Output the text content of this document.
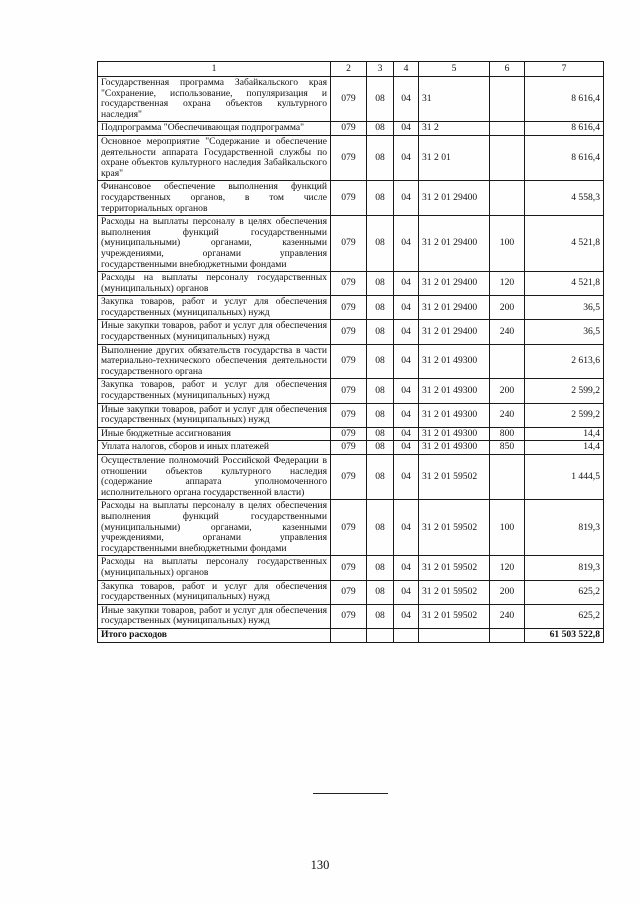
1	2	3	4	5	6	7
Государственная программа Забайкальского края "Сохранение, использование, популяризация и государственная охрана объектов культурного наследия"	079	08	04	31		8 616,4
Подпрограмма "Обеспечивающая подпрограмма"	079	08	04	31 2		8 616,4
Основное мероприятие "Содержание и обеспечение деятельности аппарата Государственной службы по охране объектов культурного наследия Забайкальского края"	079	08	04	31 2 01		8 616,4
Финансовое обеспечение выполнения функций государственных органов, в том числе территориальных органов	079	08	04	31 2 01 29400		4 558,3
Расходы на выплаты персоналу в целях обеспечения выполнения функций государственными (муниципальными) органами, казенными учреждениями, органами управления государственными внебюджетными фондами	079	08	04	31 2 01 29400	100	4 521,8
Расходы на выплаты персоналу государственных (муниципальных) органов	079	08	04	31 2 01 29400	120	4 521,8
Закупка товаров, работ и услуг для обеспечения государственных (муниципальных) нужд	079	08	04	31 2 01 29400	200	36,5
Иные закупки товаров, работ и услуг для обеспечения государственных (муниципальных) нужд	079	08	04	31 2 01 29400	240	36,5
Выполнение других обязательств государства в части материально-технического обеспечения деятельности государственного органа	079	08	04	31 2 01 49300		2 613,6
Закупка товаров, работ и услуг для обеспечения государственных (муниципальных) нужд	079	08	04	31 2 01 49300	200	2 599,2
Иные закупки товаров, работ и услуг для обеспечения государственных (муниципальных) нужд	079	08	04	31 2 01 49300	240	2 599,2
Иные бюджетные ассигнования	079	08	04	31 2 01 49300	800	14,4
Уплата налогов, сборов и иных платежей	079	08	04	31 2 01 49300	850	14,4
Осуществление полномочий Российской Федерации в отношении объектов культурного наследия (содержание аппарата уполномоченного исполнительного органа государственной власти)	079	08	04	31 2 01 59502		1 444,5
Расходы на выплаты персоналу в целях обеспечения выполнения функций государственными (муниципальными) органами, казенными учреждениями, органами управления государственными внебюджетными фондами	079	08	04	31 2 01 59502	100	819,3
Расходы на выплаты персоналу государственных (муниципальных) органов	079	08	04	31 2 01 59502	120	819,3
Закупка товаров, работ и услуг для обеспечения государственных (муниципальных) нужд	079	08	04	31 2 01 59502	200	625,2
Иные закупки товаров, работ и услуг для обеспечения государственных (муниципальных) нужд	079	08	04	31 2 01 59502	240	625,2
Итого расходов						61 503 522,8
130
